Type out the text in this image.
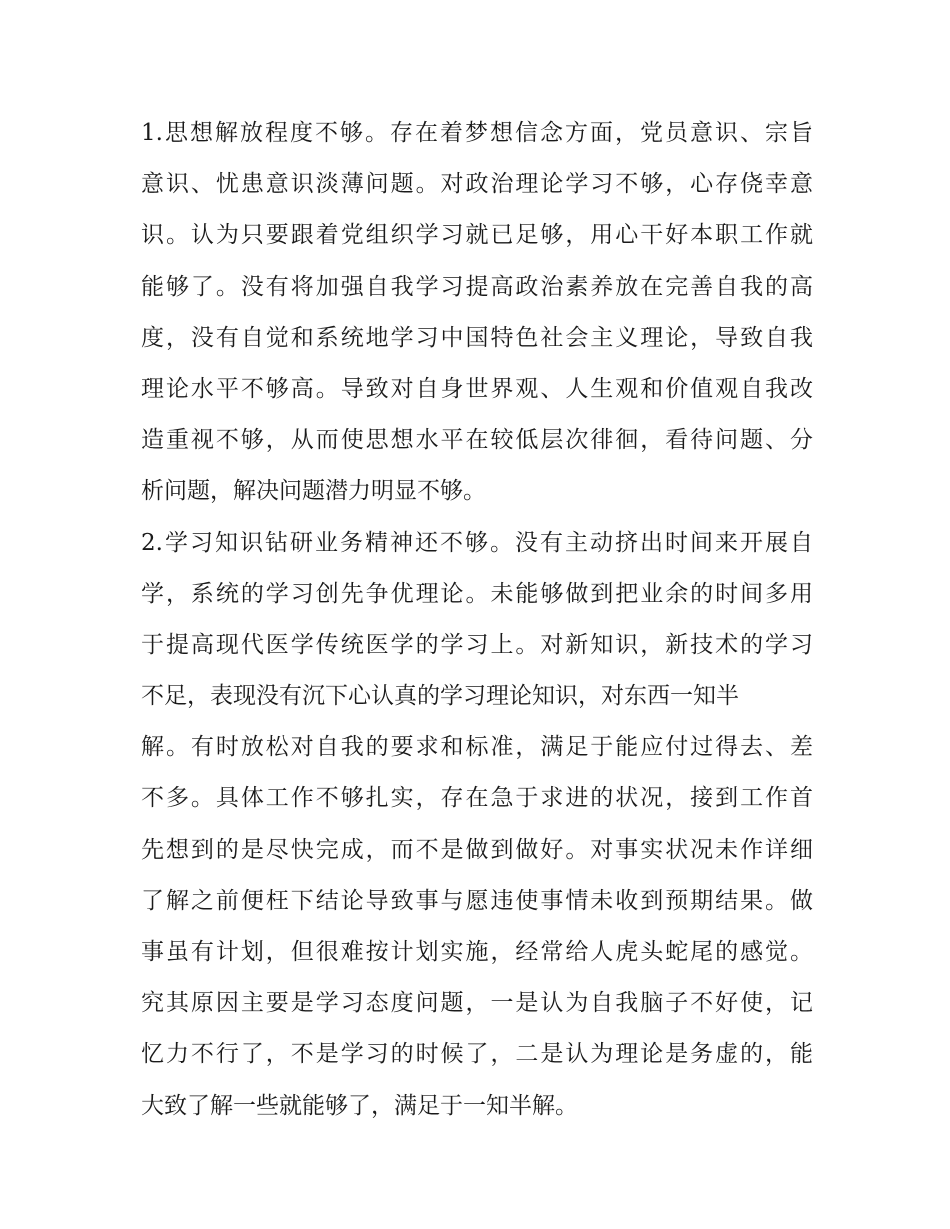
1.思想解放程度不够。存在着梦想信念方面，党员意识、宗旨
意识、忧患意识淡薄问题。对政治理论学习不够，心存侥幸意
识。认为只要跟着党组织学习就已足够，用心干好本职工作就
能够了。没有将加强自我学习提高政治素养放在完善自我的高
度，没有自觉和系统地学习中国特色社会主义理论，导致自我
理论水平不够高。导致对自身世界观、人生观和价值观自我改
造重视不够，从而使思想水平在较低层次徘徊，看待问题、分
析问题，解决问题潜力明显不够。
2.学习知识钻研业务精神还不够。没有主动挤出时间来开展自
学，系统的学习创先争优理论。未能够做到把业余的时间多用
于提高现代医学传统医学的学习上。对新知识，新技术的学习
不足，表现没有沉下心认真的学习理论知识，对东西一知半
解。有时放松对自我的要求和标准，满足于能应付过得去、差
不多。具体工作不够扎实，存在急于求进的状况，接到工作首
先想到的是尽快完成，而不是做到做好。对事实状况未作详细
了解之前便枉下结论导致事与愿违使事情未收到预期结果。做
事虽有计划，但很难按计划实施，经常给人虎头蛇尾的感觉。
究其原因主要是学习态度问题，一是认为自我脑子不好使，记
忆力不行了，不是学习的时候了，二是认为理论是务虚的，能
大致了解一些就能够了，满足于一知半解。
